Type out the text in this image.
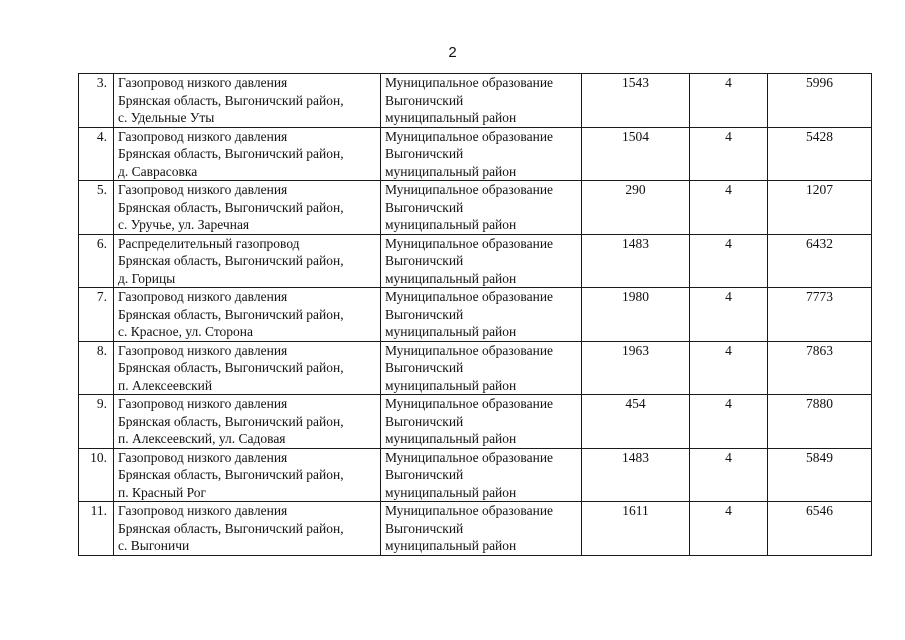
2
3.	Газопровод низкого давления
Брянская область, Выгоничский район,
с. Удельные Уты	Муниципальное образование
Выгоничский
муниципальный район	1543	4	5996
4.	Газопровод низкого давления
Брянская область, Выгоничский район,
д. Саврасовка	Муниципальное образование
Выгоничский
муниципальный район	1504	4	5428
5.	Газопровод низкого давления
Брянская область, Выгоничский район,
с. Уручье, ул. Заречная	Муниципальное образование
Выгоничский
муниципальный район	290	4	1207
6.	Распределительный газопровод
Брянская область, Выгоничский район,
д. Горицы	Муниципальное образование
Выгоничский
муниципальный район	1483	4	6432
7.	Газопровод низкого давления
Брянская область, Выгоничский район,
с. Красное, ул. Сторона	Муниципальное образование
Выгоничский
муниципальный район	1980	4	7773
8.	Газопровод низкого давления
Брянская область, Выгоничский район,
п. Алексеевский	Муниципальное образование
Выгоничский
муниципальный район	1963	4	7863
9.	Газопровод низкого давления
Брянская область, Выгоничский район,
п. Алексеевский, ул. Садовая	Муниципальное образование
Выгоничский
муниципальный район	454	4	7880
10.	Газопровод низкого давления
Брянская область, Выгоничский район,
п. Красный Рог	Муниципальное образование
Выгоничский
муниципальный район	1483	4	5849
11.	Газопровод низкого давления
Брянская область, Выгоничский район,
с. Выгоничи	Муниципальное образование
Выгоничский
муниципальный район	1611	4	6546
